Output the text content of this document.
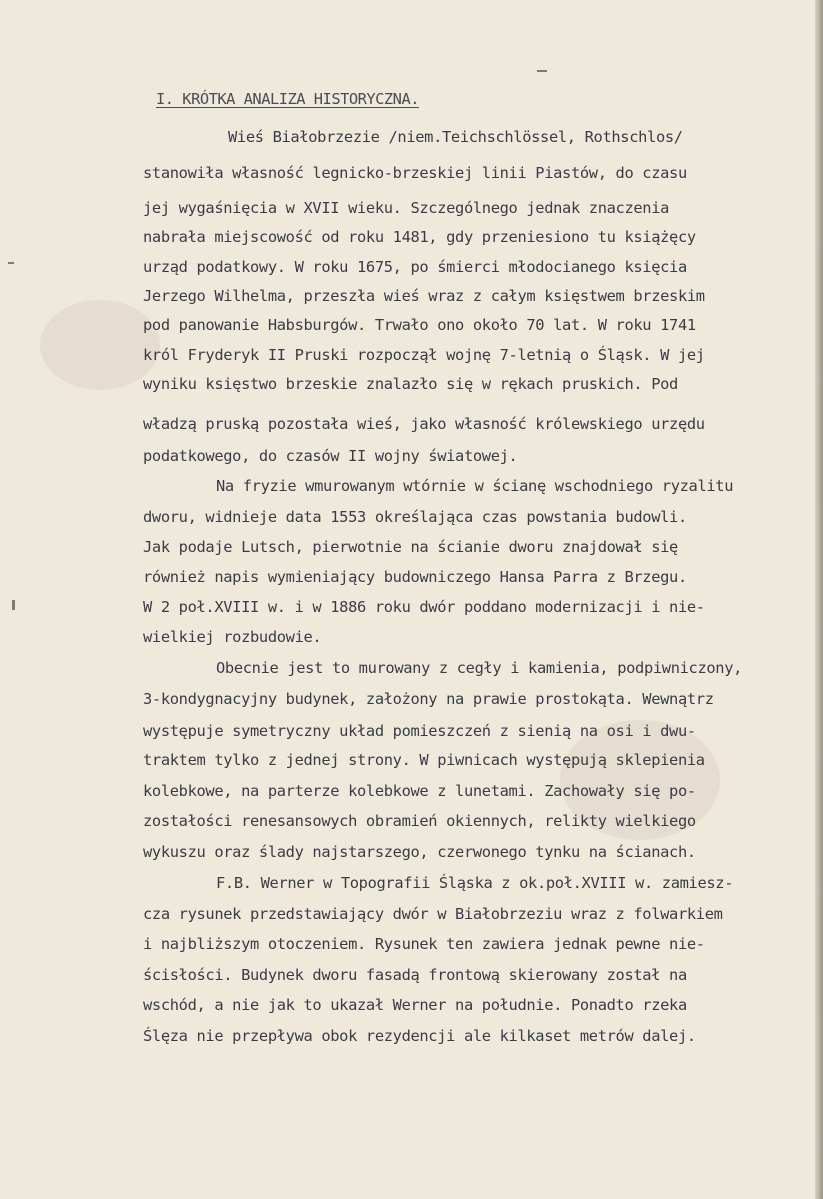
I. KRÓTKA ANALIZA HISTORYCZNA.

Wieś Białobrzezie /niem.Teichschlössel, Rothschlos/

stanowiła własność legnicko-brzeskiej linii Piastów, do czasu

jej wygaśnięcia w XVII wieku. Szczególnego jednak znaczenia

nabrała miejscowość od roku 1481, gdy przeniesiono tu książęcy

urząd podatkowy. W roku 1675, po śmierci młodocianego księcia

Jerzego Wilhelma, przeszła wieś wraz z całym księstwem brzeskim

pod panowanie Habsburgów. Trwało ono około 70 lat. W roku 1741

król Fryderyk II Pruski rozpoczął wojnę 7-letnią o Śląsk. W jej

wyniku księstwo brzeskie znalazło się w rękach pruskich. Pod

władzą pruską pozostała wieś, jako własność królewskiego urzędu

podatkowego, do czasów II wojny światowej.

Na fryzie wmurowanym wtórnie w ścianę wschodniego ryzalitu

dworu, widnieje data 1553 określająca czas powstania budowli.

Jak podaje Lutsch, pierwotnie na ścianie dworu znajdował się

również napis wymieniający budowniczego Hansa Parra z Brzegu.

W 2 poł.XVIII w. i w 1886 roku dwór poddano modernizacji i nie-

wielkiej rozbudowie.

Obecnie jest to murowany z cegły i kamienia, podpiwniczony,

3-kondygnacyjny budynek, założony na prawie prostokąta. Wewnątrz

występuje symetryczny układ pomieszczeń z sienią na osi i dwu-

traktem tylko z jednej strony. W piwnicach występują sklepienia

kolebkowe, na parterze kolebkowe z lunetami. Zachowały się po-

zostałości renesansowych obramień okiennych, relikty wielkiego

wykuszu oraz ślady najstarszego, czerwonego tynku na ścianach.

F.B. Werner w Topografii Śląska z ok.poł.XVIII w. zamiesz-

cza rysunek przedstawiający dwór w Białobrzeziu wraz z folwarkiem

i najbliższym otoczeniem. Rysunek ten zawiera jednak pewne nie-

ścisłości. Budynek dworu fasadą frontową skierowany został na

wschód, a nie jak to ukazał Werner na południe. Ponadto rzeka

Ślęza nie przepływa obok rezydencji ale kilkaset metrów dalej.
